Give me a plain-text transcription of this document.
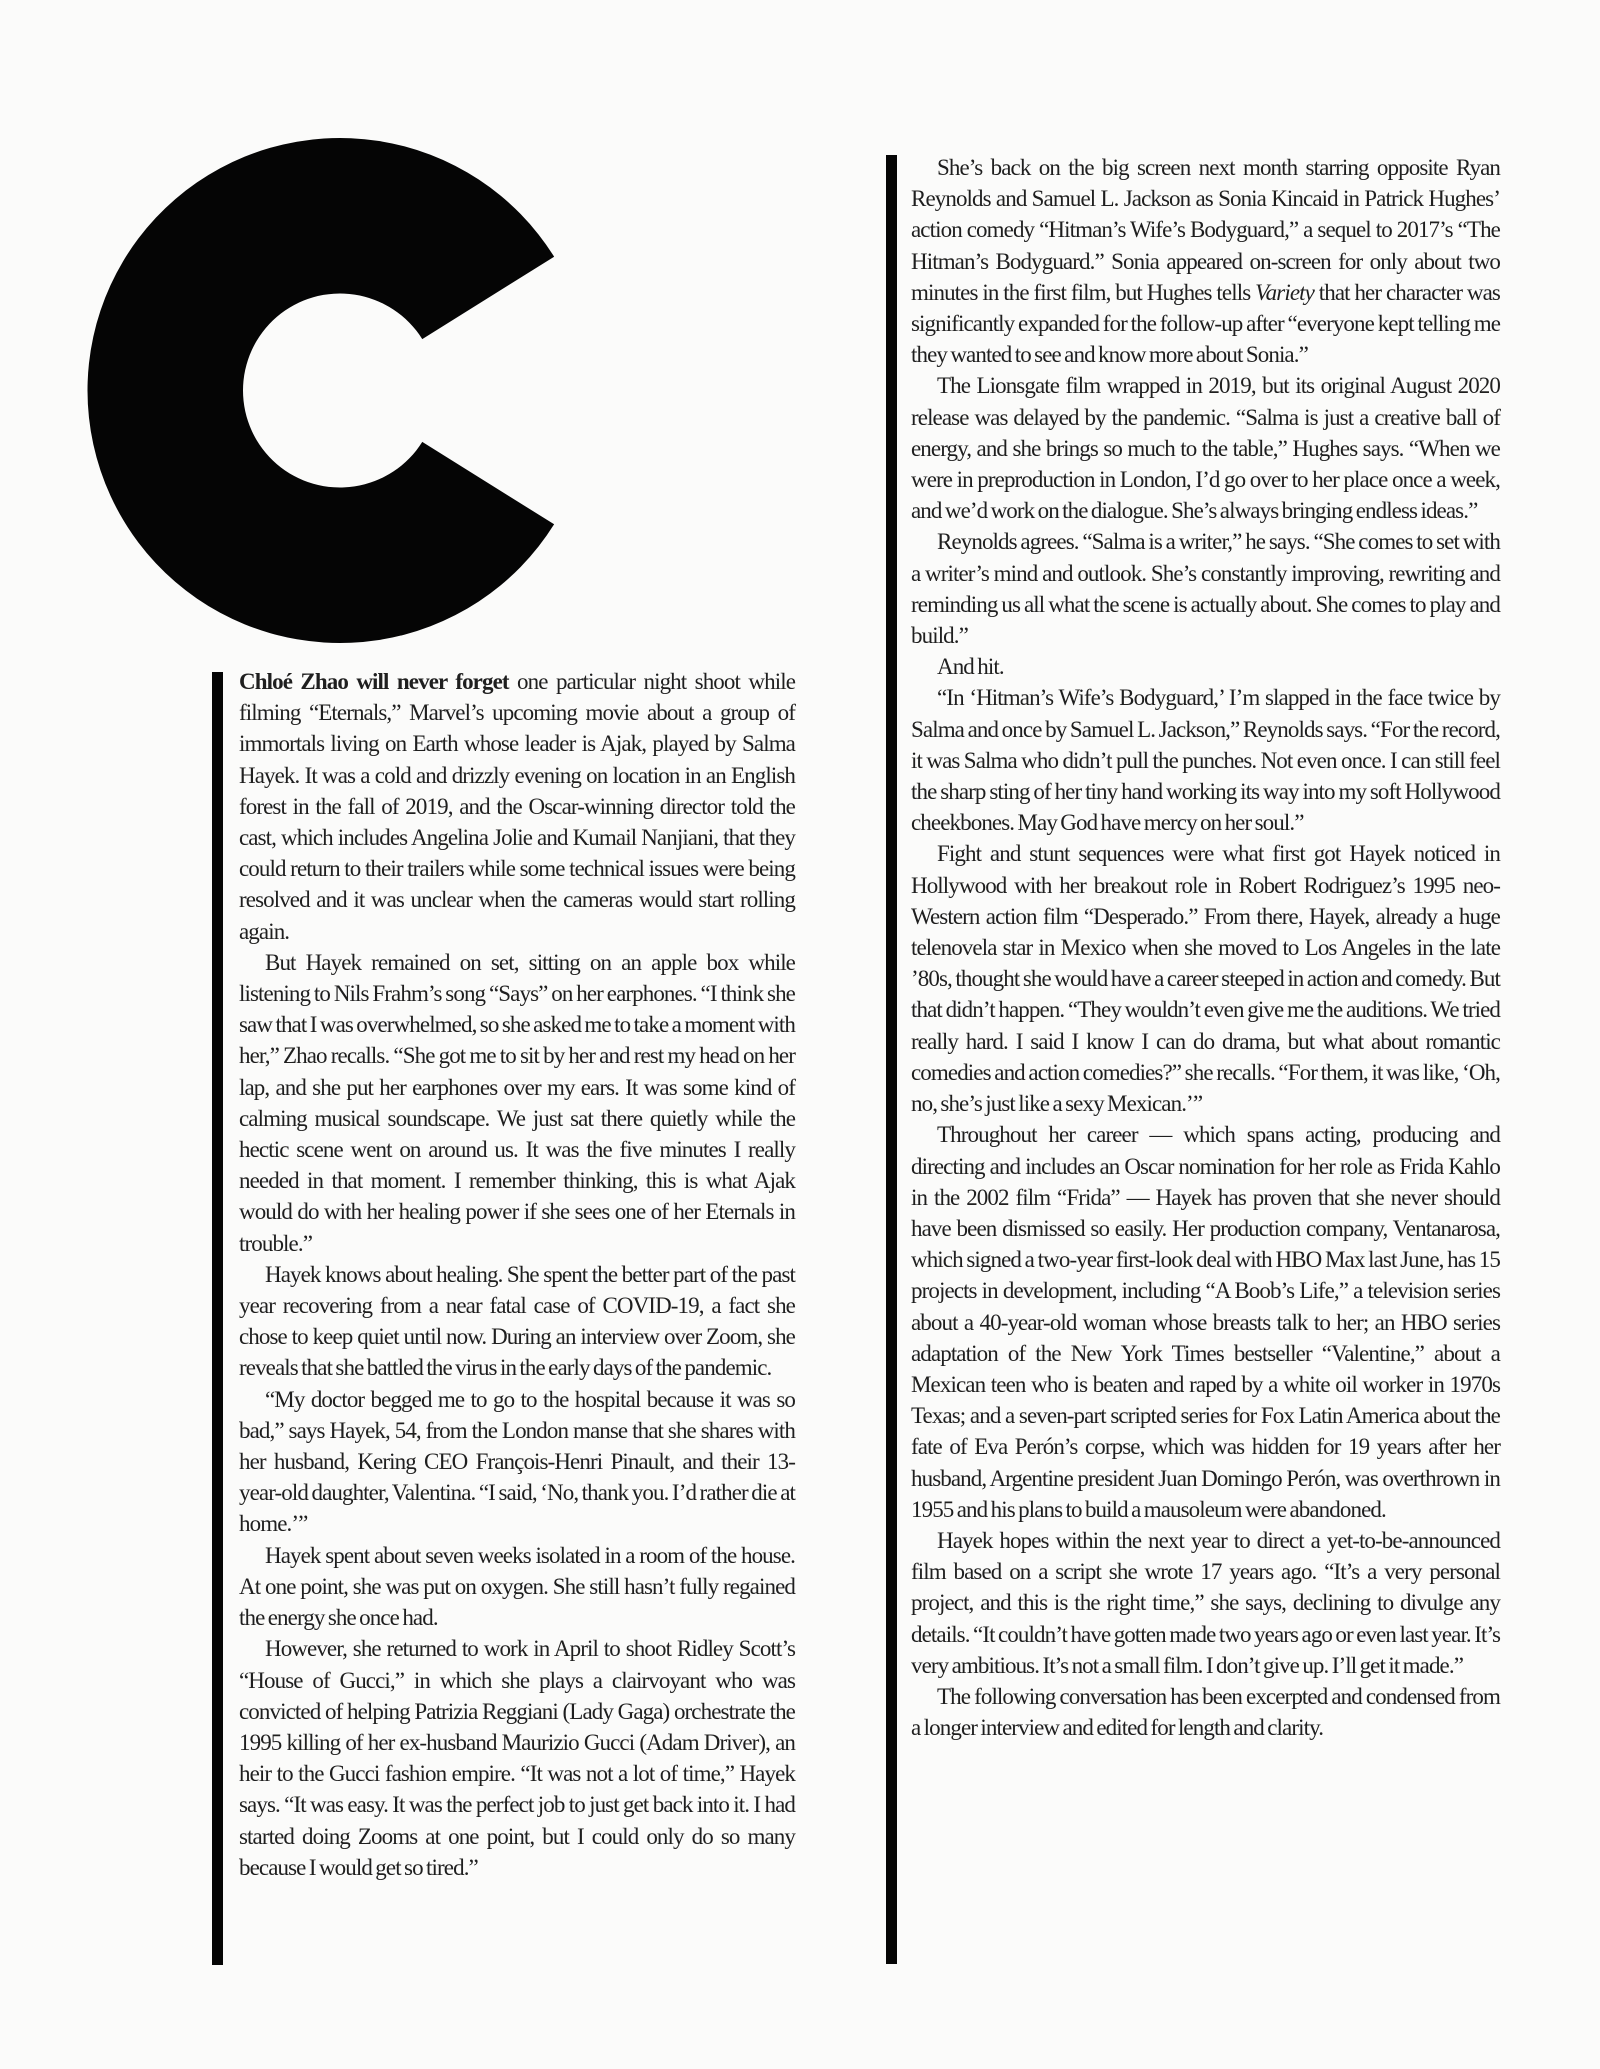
Chloé Zhao will never forget one particular night shoot while filming “Eternals,” Marvel’s upcoming movie about a group of immortals living on Earth whose leader is Ajak, played by Salma Hayek. It was a cold and drizzly evening on location in an English forest in the fall of 2019, and the Oscar-winning director told the cast, which includes Angelina Jolie and Kumail Nanjiani, that they could return to their trailers while some technical issues were being resolved and it was unclear when the cameras would start rolling again.

But Hayek remained on set, sitting on an apple box while listening to Nils Frahm’s song “Says” on her earphones. “I think she saw that I was overwhelmed, so she asked me to take a moment with her,” Zhao recalls. “She got me to sit by her and rest my head on her lap, and she put her earphones over my ears. It was some kind of calming musical soundscape. We just sat there quietly while the hectic scene went on around us. It was the five minutes I really needed in that moment. I remember thinking, this is what Ajak would do with her healing power if she sees one of her Eternals in trouble.”

Hayek knows about healing. She spent the better part of the past year recovering from a near fatal case of COVID-19, a fact she chose to keep quiet until now. During an interview over Zoom, she reveals that she battled the virus in the early days of the pandemic.

“My doctor begged me to go to the hospital because it was so bad,” says Hayek, 54, from the London manse that she shares with her husband, Kering CEO François-Henri Pinault, and their 13-year-old daughter, Valentina. “I said, ‘No, thank you. I’d rather die at home.’”

Hayek spent about seven weeks isolated in a room of the house. At one point, she was put on oxygen. She still hasn’t fully regained the energy she once had.

However, she returned to work in April to shoot Ridley Scott’s “House of Gucci,” in which she plays a clairvoyant who was convicted of helping Patrizia Reggiani (Lady Gaga) orchestrate the 1995 killing of her ex-husband Maurizio Gucci (Adam Driver), an heir to the Gucci fashion empire. “It was not a lot of time,” Hayek says. “It was easy. It was the perfect job to just get back into it. I had started doing Zooms at one point, but I could only do so many because I would get so tired.”

She’s back on the big screen next month starring opposite Ryan Reynolds and Samuel L. Jackson as Sonia Kincaid in Patrick Hughes’ action comedy “Hitman’s Wife’s Bodyguard,” a sequel to 2017’s “The Hitman’s Bodyguard.” Sonia appeared on-screen for only about two minutes in the first film, but Hughes tells Variety that her character was significantly expanded for the follow-up after “everyone kept telling me they wanted to see and know more about Sonia.”

The Lionsgate film wrapped in 2019, but its original August 2020 release was delayed by the pandemic. “Salma is just a creative ball of energy, and she brings so much to the table,” Hughes says. “When we were in preproduction in London, I’d go over to her place once a week, and we’d work on the dialogue. She’s always bringing endless ideas.”

Reynolds agrees. “Salma is a writer,” he says. “She comes to set with a writer’s mind and outlook. She’s constantly improving, rewriting and reminding us all what the scene is actually about. She comes to play and build.”

And hit.

“In ‘Hitman’s Wife’s Bodyguard,’ I’m slapped in the face twice by Salma and once by Samuel L. Jackson,” Reynolds says. “For the record, it was Salma who didn’t pull the punches. Not even once. I can still feel the sharp sting of her tiny hand working its way into my soft Hollywood cheekbones. May God have mercy on her soul.”

Fight and stunt sequences were what first got Hayek noticed in Hollywood with her breakout role in Robert Rodriguez’s 1995 neo-Western action film “Desperado.” From there, Hayek, already a huge telenovela star in Mexico when she moved to Los Angeles in the late ’80s, thought she would have a career steeped in action and comedy. But that didn’t happen. “They wouldn’t even give me the auditions. We tried really hard. I said I know I can do drama, but what about romantic comedies and action comedies?” she recalls. “For them, it was like, ‘Oh, no, she’s just like a sexy Mexican.’”

Throughout her career — which spans acting, producing and directing and includes an Oscar nomination for her role as Frida Kahlo in the 2002 film “Frida” — Hayek has proven that she never should have been dismissed so easily. Her production company, Ventanarosa, which signed a two-year first-look deal with HBO Max last June, has 15 projects in development, including “A Boob’s Life,” a television series about a 40-year-old woman whose breasts talk to her; an HBO series adaptation of the New York Times bestseller “Valentine,” about a Mexican teen who is beaten and raped by a white oil worker in 1970s Texas; and a seven-part scripted series for Fox Latin America about the fate of Eva Perón’s corpse, which was hidden for 19 years after her husband, Argentine president Juan Domingo Perón, was overthrown in 1955 and his plans to build a mausoleum were abandoned.

Hayek hopes within the next year to direct a yet-to-be-announced film based on a script she wrote 17 years ago. “It’s a very personal project, and this is the right time,” she says, declining to divulge any details. “It couldn’t have gotten made two years ago or even last year. It’s very ambitious. It’s not a small film. I don’t give up. I’ll get it made.”

The following conversation has been excerpted and condensed from a longer interview and edited for length and clarity.
